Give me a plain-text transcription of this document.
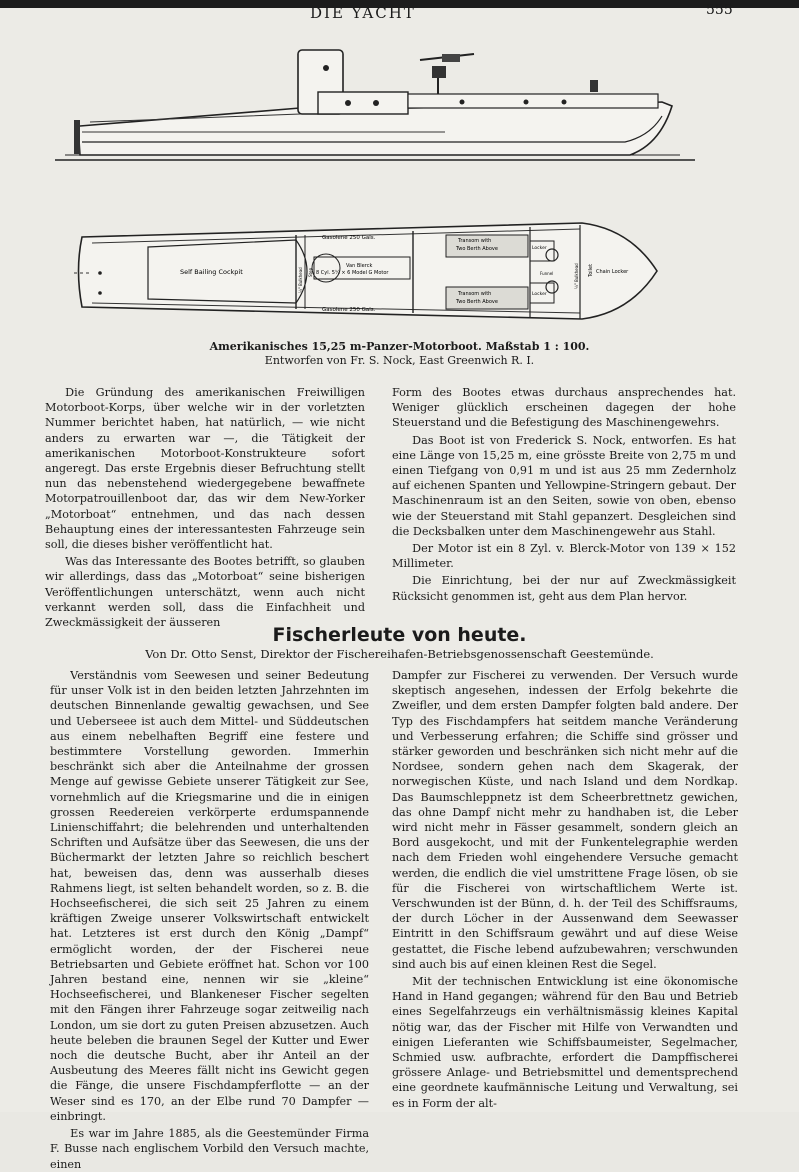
DIE YACHT	555
Self Bailing Cockpit
Gasolene 250 Gals.
Gasolene 250 Gals.
Van Blerck
8 Cyl. 5¼ × 6 Model G Motor
Transom with
Two Berth Above
Transom with
Two Berth Above
Locker
Locker
Toilet Chain Locker
¼" Bulkhead	¼" Bulkhead
Step	Funnel
Amerikanisches 15,25 m-Panzer-Motorboot. Maßstab 1 : 100.
Entworfen von Fr. S. Nock, East Greenwich R. I.

Die Gründung des amerikanischen Freiwilligen Motorboot-Korps, über welche wir in der vorletzten Nummer berichtet haben, hat natürlich, — wie nicht anders zu erwarten war —, die Tätigkeit der amerikanischen Motorboot-Konstrukteure sofort angeregt. Das erste Ergebnis dieser Befruchtung stellt nun das nebenstehend wiedergegebene bewaffnete Motorpatrouillenboot dar, das wir dem New-Yorker „Motorboat“ entnehmen, und das nach dessen Behauptung eines der interessantesten Fahrzeuge sein soll, die dieses bisher veröffentlicht hat.

Was das Interessante des Bootes betrifft, so glauben wir allerdings, dass das „Motorboat“ seine bisherigen Veröffentlichungen unterschätzt, wenn auch nicht verkannt werden soll, dass die Einfachheit und Zweckmässigkeit der äusseren

Form des Bootes etwas durchaus ansprechendes hat. Weniger glücklich erscheinen dagegen der hohe Steuerstand und die Befestigung des Maschinengewehrs.

Das Boot ist von Frederick S. Nock, entworfen. Es hat eine Länge von 15,25 m, eine grösste Breite von 2,75 m und einen Tiefgang von 0,91 m und ist aus 25 mm Zedernholz auf eichenen Spanten und Yellowpine-Stringern gebaut. Der Maschinenraum ist an den Seiten, sowie von oben, ebenso wie der Steuerstand mit Stahl gepanzert. Desgleichen sind die Decksbalken unter dem Maschinengewehr aus Stahl.

Der Motor ist ein 8 Zyl. v. Blerck-Motor von 139 × 152 Millimeter.

Die Einrichtung, bei der nur auf Zweckmässigkeit Rücksicht genommen ist, geht aus dem Plan hervor.

Fischerleute von heute.
Von Dr. Otto Senst, Direktor der Fischereihafen-Betriebsgenossenschaft Geestemünde.

Verständnis vom Seewesen und seiner Bedeutung für unser Volk ist in den beiden letzten Jahrzehnten im deutschen Binnenlande gewaltig gewachsen, und See und Ueberseee ist auch dem Mittel- und Süddeutschen aus einem nebelhaften Begriff eine festere und bestimmtere Vorstellung geworden. Immerhin beschränkt sich aber die Anteilnahme der grossen Menge auf gewisse Gebiete unserer Tätigkeit zur See, vornehmlich auf die Kriegsmarine und die in einigen grossen Reedereien verkörperte erdumspannende Linienschiffahrt; die belehrenden und unterhaltenden Schriften und Aufsätze über das Seewesen, die uns der Büchermarkt der letzten Jahre so reichlich beschert hat, beweisen das, denn was ausserhalb dieses Rahmens liegt, ist selten behandelt worden, so z. B. die Hochseefischerei, die sich seit 25 Jahren zu einem kräftigen Zweige unserer Volkswirtschaft entwickelt hat. Letzteres ist erst durch den König „Dampf“ ermöglicht worden, der der Fischerei neue Betriebsarten und Gebiete eröffnet hat. Schon vor 100 Jahren bestand eine, nennen wir sie „kleine“ Hochseefischerei, und Blankeneser Fischer segelten mit den Fängen ihrer Fahrzeuge sogar zeitweilig nach London, um sie dort zu guten Preisen abzusetzen. Auch heute beleben die braunen Segel der Kutter und Ewer noch die deutsche Bucht, aber ihr Anteil an der Ausbeutung des Meeres fällt nicht ins Gewicht gegen die Fänge, die unsere Fischdampferflotte — an der Weser sind es 170, an der Elbe rund 70 Dampfer — einbringt.

Es war im Jahre 1885, als die Geestemünder Firma F. Busse nach englischem Vorbild den Versuch machte, einen

Dampfer zur Fischerei zu verwenden. Der Versuch wurde skeptisch angesehen, indessen der Erfolg bekehrte die Zweifler, und dem ersten Dampfer folgten bald andere. Der Typ des Fischdampfers hat seitdem manche Veränderung und Verbesserung erfahren; die Schiffe sind grösser und stärker geworden und beschränken sich nicht mehr auf die Nordsee, sondern gehen nach dem Skagerak, der norwegischen Küste, und nach Island und dem Nordkap. Das Baumschleppnetz ist dem Scheerbrettnetz gewichen, das ohne Dampf nicht mehr zu handhaben ist, die Leber wird nicht mehr in Fässer gesammelt, sondern gleich an Bord ausgekocht, und mit der Funkentelegraphie werden nach dem Frieden wohl eingehendere Versuche gemacht werden, die endlich die viel umstrittene Frage lösen, ob sie für die Fischerei von wirtschaftlichem Werte ist. Verschwunden ist der Bünn, d. h. der Teil des Schiffsraums, der durch Löcher in der Aussenwand dem Seewasser Eintritt in den Schiffsraum gewährt und auf diese Weise gestattet, die Fische lebend aufzubewahren; verschwunden sind auch bis auf einen kleinen Rest die Segel.

Mit der technischen Entwicklung ist eine ökonomische Hand in Hand gegangen; während für den Bau und Betrieb eines Segelfahrzeugs ein verhältnismässig kleines Kapital nötig war, das der Fischer mit Hilfe von Verwandten und einigen Lieferanten wie Schiffsbaumeister, Segelmacher, Schmied usw. aufbrachte, erfordert die Dampffischerei grössere Anlage- und Betriebsmittel und dementsprechend eine geordnete kaufmännische Leitung und Verwaltung, sei es in Form der alt-
